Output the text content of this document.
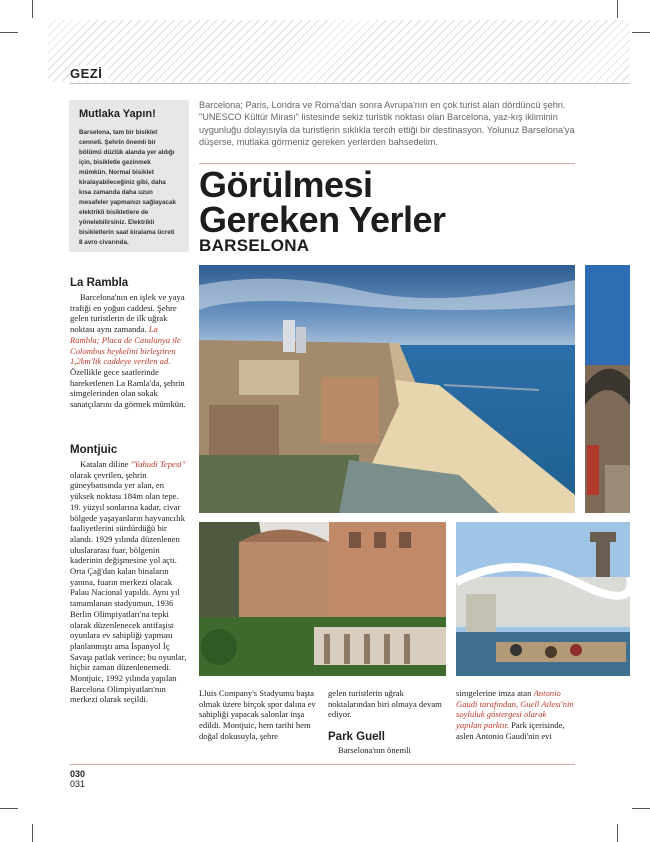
GEZİ
Mutlaka Yapın!

Barselona, tam bir bisiklet cenneti. Şehrin önemli bir bölümü düzlük alanda yer aldığı için, bisikletle gezinmek mümkün. Normal bisiklet kiralayabileceğiniz gibi, daha kısa zamanda daha uzun mesafeler yapmanızı sağlayacak elektrikli bisikletlere de yönelebilirsiniz. Elektrikli bisikletlerin saat kiralama ücreti 8 avro civarında.

Barcelona; Paris, Londra ve Roma'dan sonra Avrupa'nın en çok turist alan dördüncü şehri. "UNESCO Kültür Mirası" listesinde sekiz turistik noktası olan Barcelona, yaz-kış ikliminin uygunluğu dolayısıyla da turistlerin sıklıkla tercih ettiği bir destinasyon. Yolunuz Barselona'ya düşerse, mutlaka görmeniz gereken yerlerden bahsedelim.
Görülmesi
Gereken Yerler
BARSELONA
La Rambla

Barcelona'nın en işlek ve yaya trafiği en yoğun caddesi. Şehre gelen turistlerin de ilk uğrak noktası aynı zamanda. La Rambla; Placa de Catalunya ile Colombus heykelini birleştiren 1,2km'lik caddeye verilen ad. Özellikle gece saatlerinde hareketlenen La Ramla'da, şehrin simgelerinden olan sokak sanatçılarını da görmek mümkün.

Montjuic

Katalan diline "Yahudi Tepesi" olarak çevrilen, şehrin güneybatısında yer alan, en yüksek noktası 184m olan tepe. 19. yüzyıl sonlarına kadar, civar bölgede yaşayanların hayvancılık faaliyetlerini sürdürdüğü bir alandı. 1929 yılında düzenlenen uluslararası fuar, bölgenin kaderinin değişmesine yol açtı. Orta Çağ'dan kalan binaların yanına, fuarın merkezi olacak Palau Nacional yapıldı. Aynı yıl tamamlanan stadyumun, 1936 Berlin Olimpiyatları'na tepki olarak düzenlenecek antifaşist oyunlara ev sahipliği yapması planlanmıştı ama İspanyol İç Savaşı patlak verince; bu oyunlar, hiçbir zaman düzenlenemedi. Montjuic, 1992 yılında yapılan Barcelona Olimpiyatları'nın merkezi olarak seçildi.

Lluis Company's Stadyumu başta olmak üzere birçok spor dalına ev sahipliği yapacak salonlar inşa edildi. Montjuic, hem tarihi hem doğal dokusuyla, şehre

gelen turistlerin uğrak noktalarından biri olmaya devam ediyor.

Park Guell

Barselona'nın önemli

simgelerine imza atan Antonio Gaudi tarafından, Guell Ailesi'nin soyluluk göstergesi olarak yapılan parktır. Park içerisinde, aslen Antonio Gaudi'nin evi

030
031
